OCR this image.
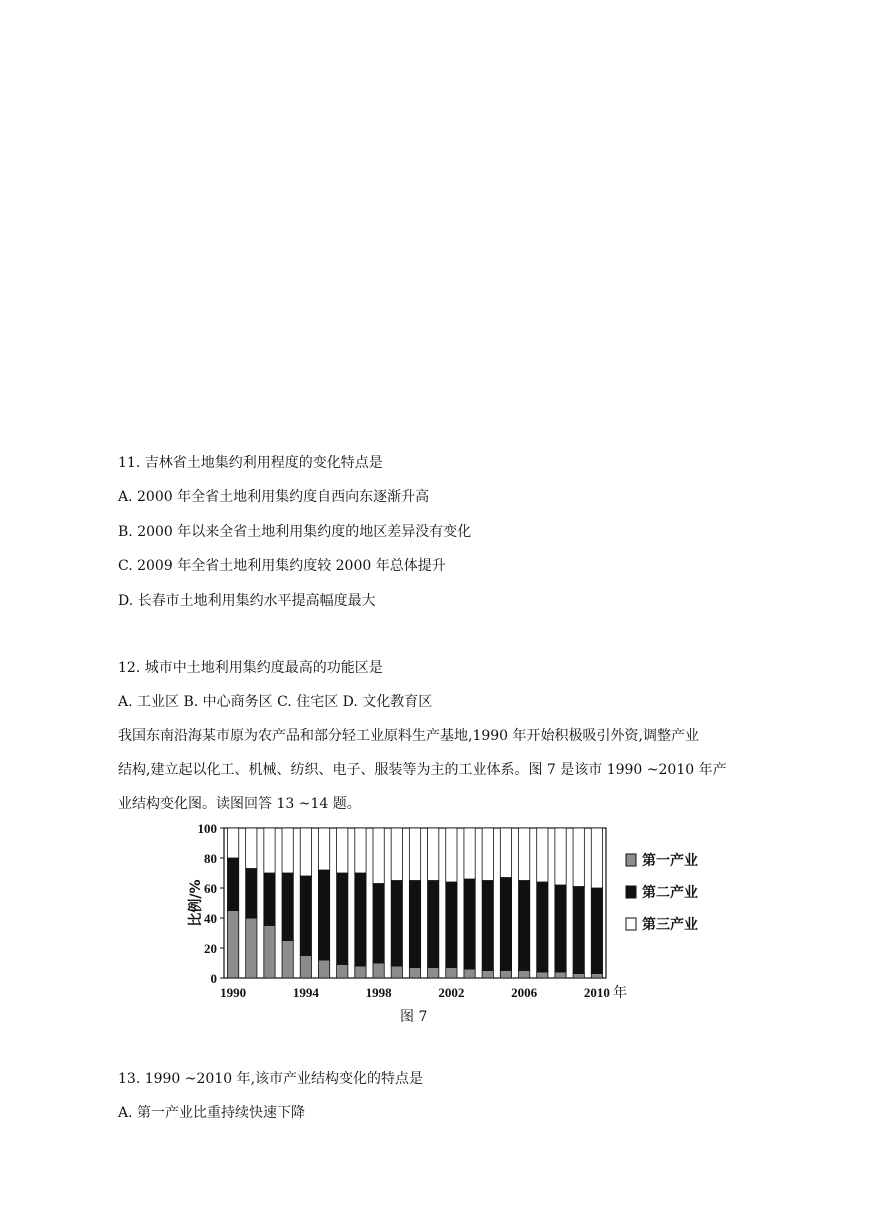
11. 吉林省土地集约利用程度的变化特点是
A. 2000 年全省土地利用集约度自西向东逐渐升高
B. 2000 年以来全省土地利用集约度的地区差异没有变化
C. 2009 年全省土地利用集约度较 2000 年总体提升
D. 长春市土地利用集约水平提高幅度最大
12. 城市中土地利用集约度最高的功能区是
A. 工业区 B. 中心商务区 C. 住宅区 D. 文化教育区
我国东南沿海某市原为农产品和部分轻工业原料生产基地,1990 年开始积极吸引外资,调整产业
结构,建立起以化工、机械、纺织、电子、服装等为主的工业体系。图 7 是该市 1990 ~2010 年产
业结构变化图。读图回答 13 ~14 题。
0
20
40
60
80
100
比例/%
1990	1994	1998	2002	2006	2010 年
第一产业
第二产业
第三产业
图 7
13. 1990 ~2010 年,该市产业结构变化的特点是
A. 第一产业比重持续快速下降
